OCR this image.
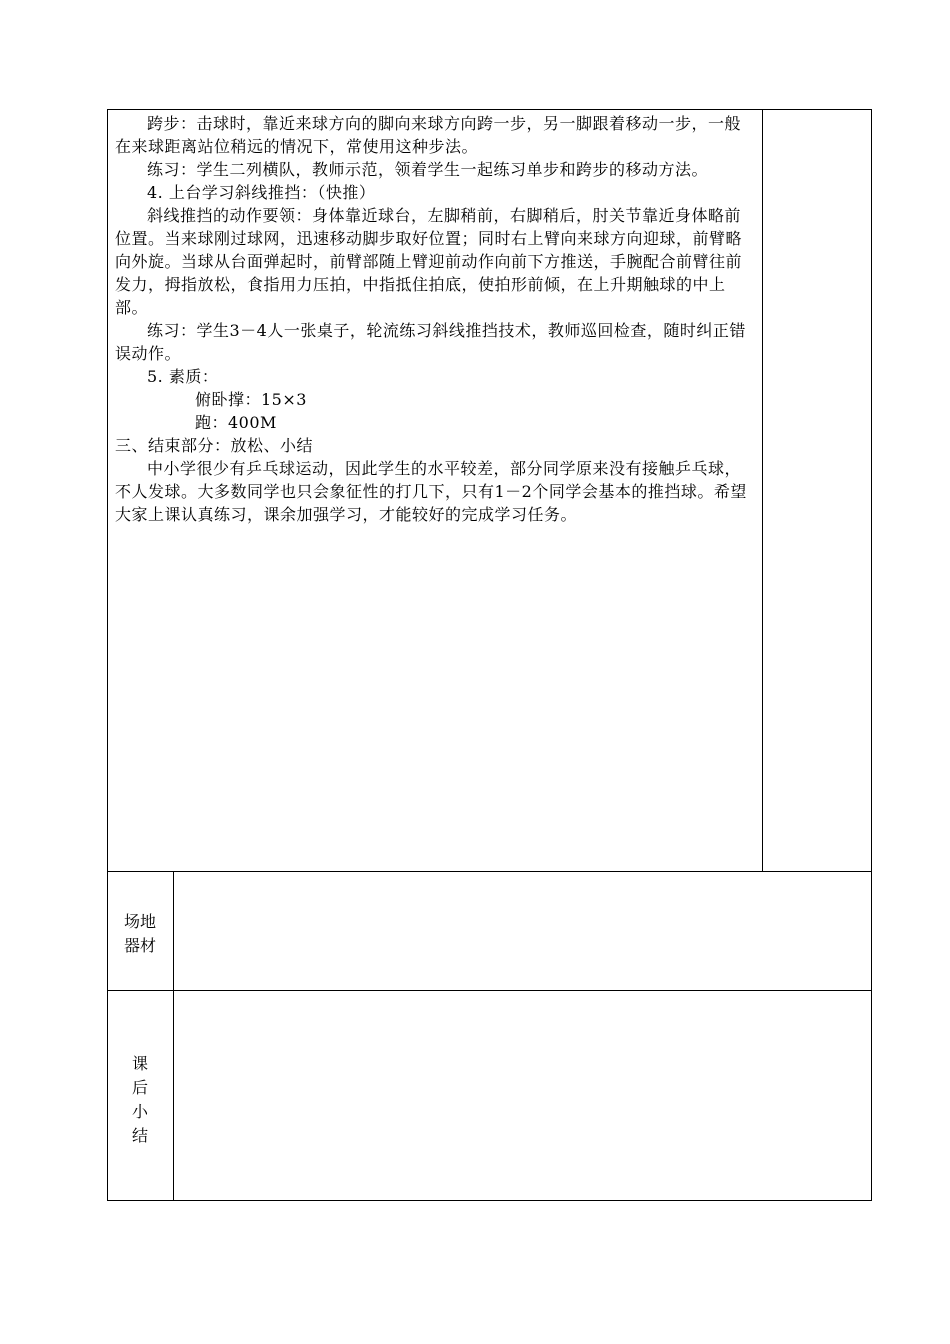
跨步：击球时，靠近来球方向的脚向来球方向跨一步，另一脚跟着移动一步，一般在来球距离站位稍远的情况下，常使用这种步法。

练习：学生二列横队，教师示范，领着学生一起练习单步和跨步的移动方法。

4. 上台学习斜线推挡：（快推）

斜线推挡的动作要领：身体靠近球台，左脚稍前，右脚稍后，肘关节靠近身体略前位置。当来球刚过球网，迅速移动脚步取好位置；同时右上臂向来球方向迎球，前臂略向外旋。当球从台面弹起时，前臂部随上臂迎前动作向前下方推送，手腕配合前臂往前发力，拇指放松，食指用力压拍，中指抵住拍底，使拍形前倾，在上升期触球的中上部。

练习：学生3－4人一张桌子，轮流练习斜线推挡技术，教师巡回检查，随时纠正错误动作。

5. 素质：

俯卧撑：15×3

跑：400M

三、结束部分：放松、小结

中小学很少有乒乓球运动，因此学生的水平较差，部分同学原来没有接触乒乓球，不人发球。大多数同学也只会象征性的打几下，只有1－2个同学会基本的推挡球。希望大家上课认真练习，课余加强学习，才能较好的完成学习任务。

场地
器材
课
后
小
结
